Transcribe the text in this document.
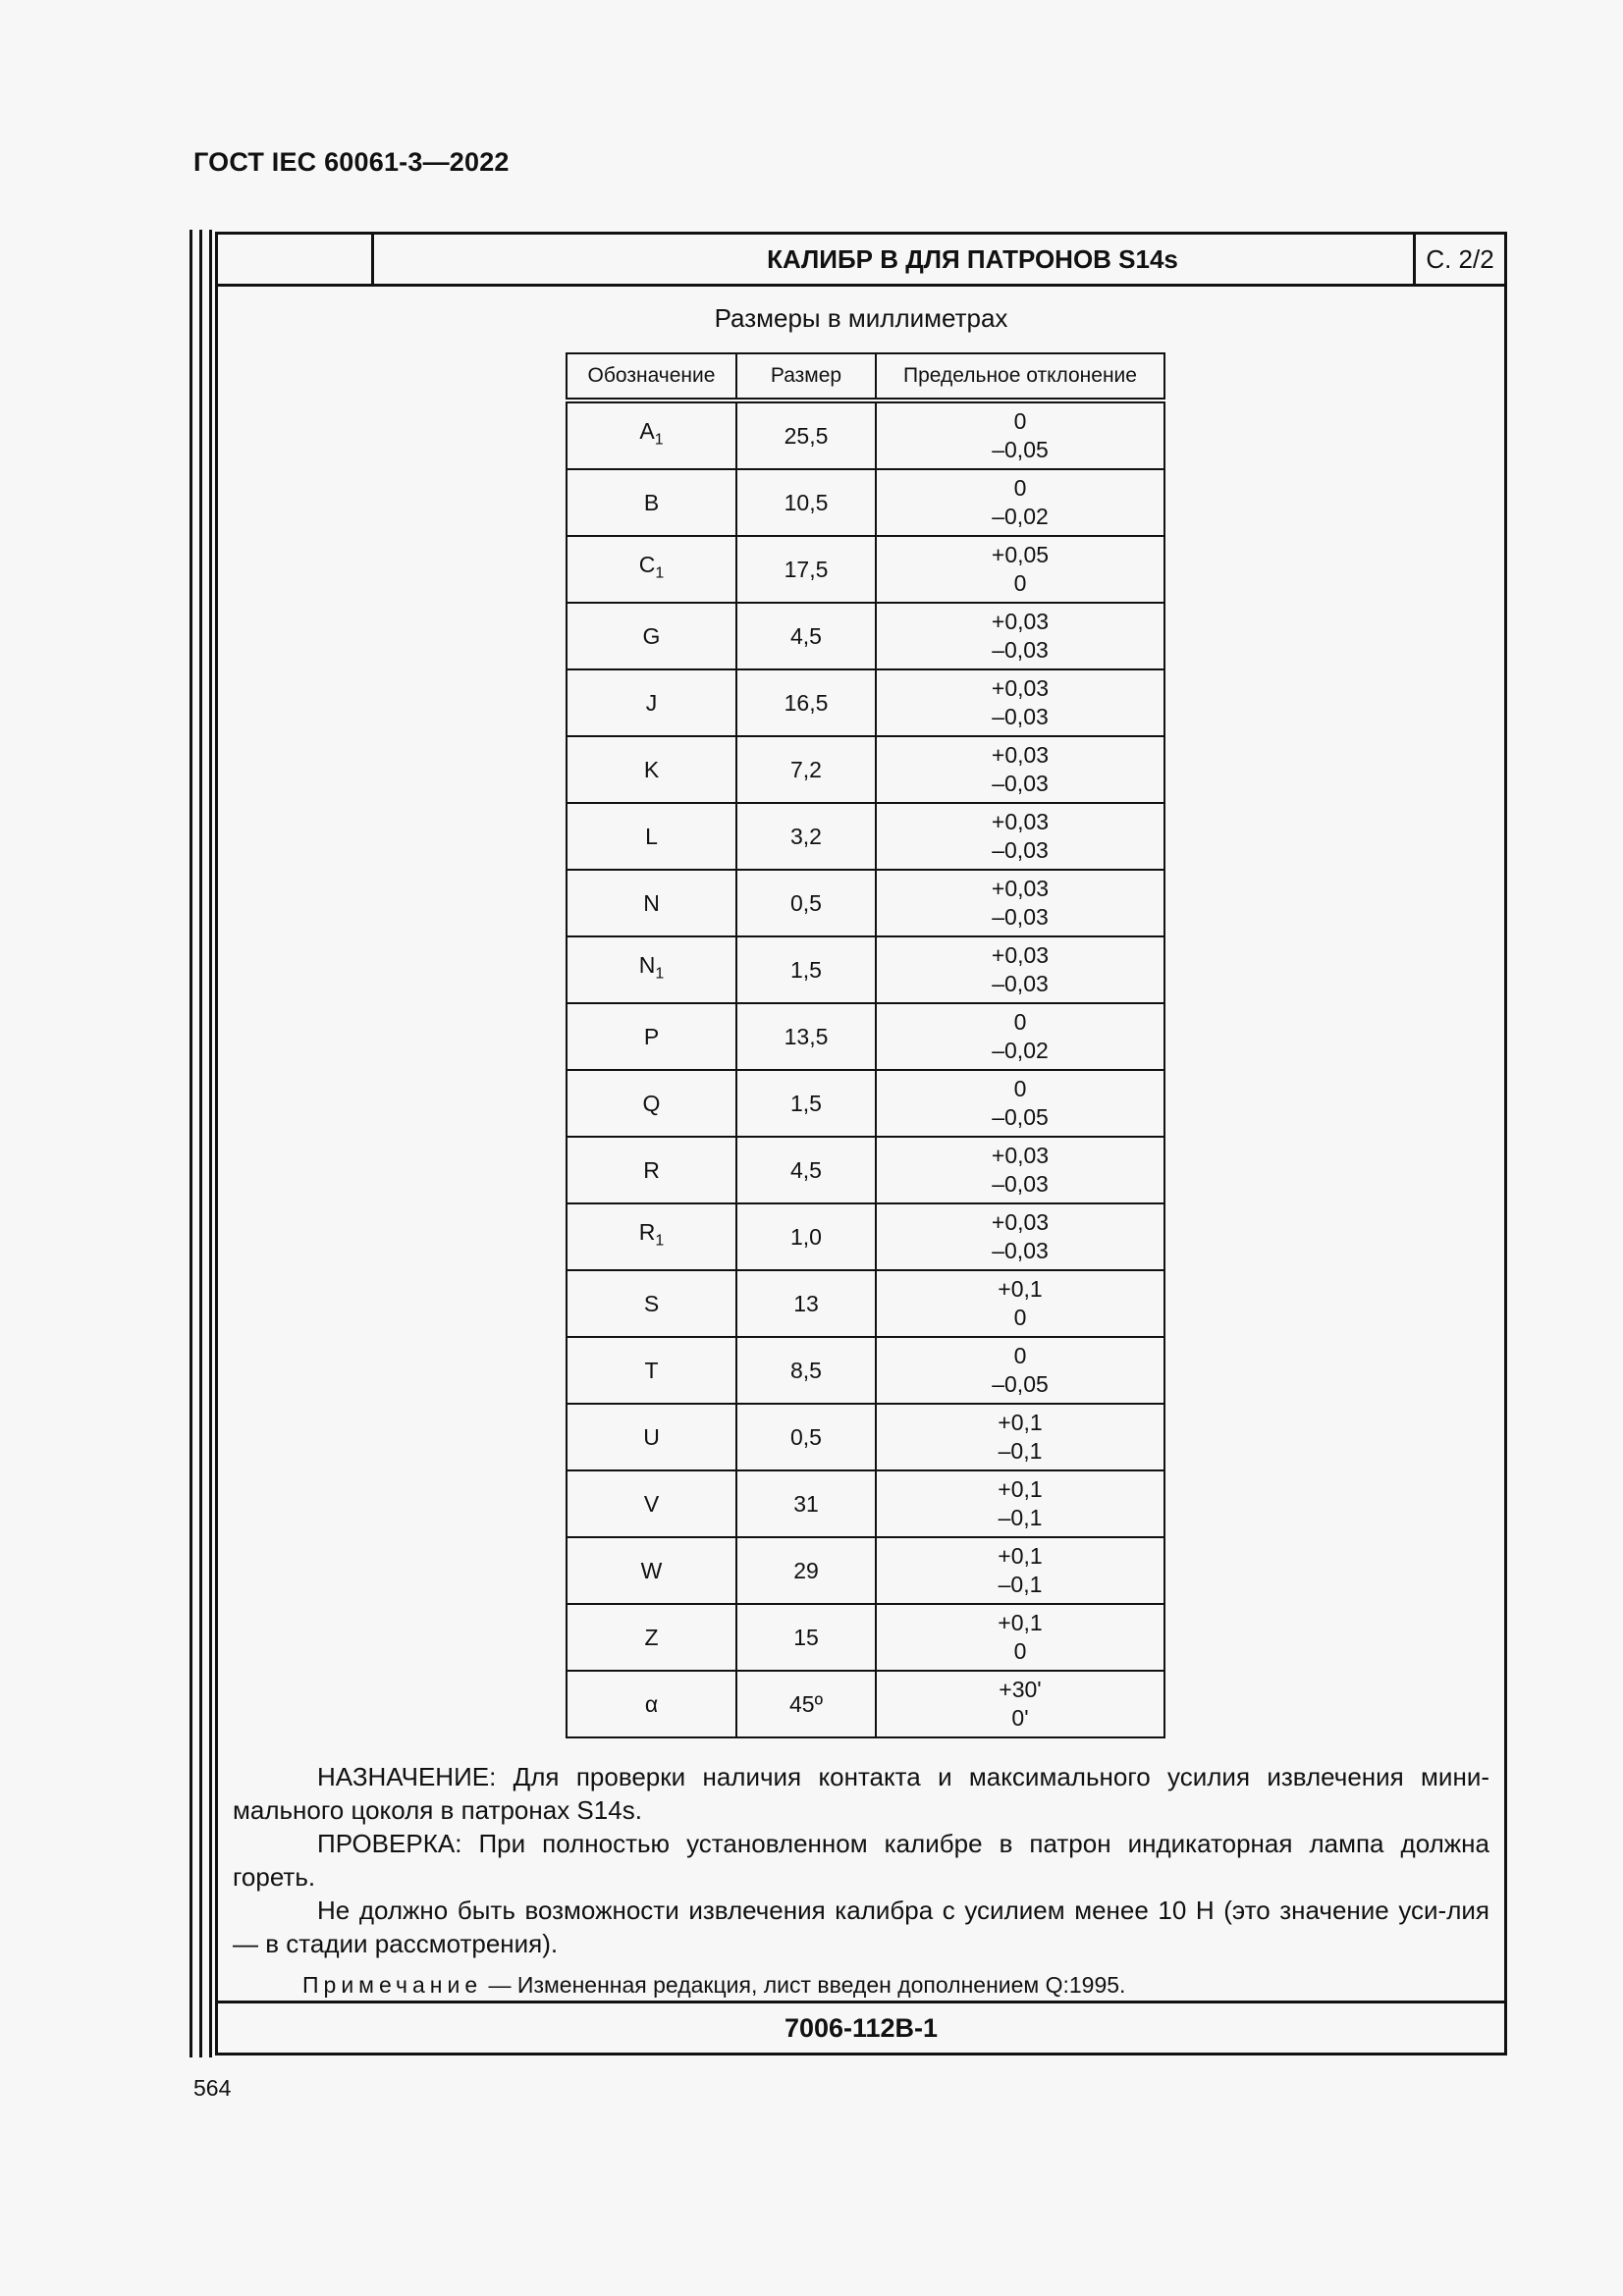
ГОСТ IEC 60061-3—2022
КАЛИБР В ДЛЯ ПАТРОНОВ S14s	С. 2/2
Размеры в миллиметрах
Обозначение	Размер	Предельное отклонение
$A_1$	25,5	0
–0,05

B	10,5	0
–0,02

$C_1$	17,5	+0,05
0

G	4,5	+0,03
–0,03

J	16,5	+0,03
–0,03

K	7,2	+0,03
–0,03

L	3,2	+0,03
–0,03

N	0,5	+0,03
–0,03

$N_1$	1,5	+0,03
–0,03

P	13,5	0
–0,02

Q	1,5	0
–0,05

R	4,5	+0,03
–0,03

$R_1$	1,0	+0,03
–0,03

S	13	+0,1
0

T	8,5	0
–0,05

U	0,5	+0,1
–0,1

V	31	+0,1
–0,1

W	29	+0,1
–0,1

Z	15	+0,1
0

α	45º	+30'
0'

НАЗНАЧЕНИЕ: Для проверки наличия контакта и максимального усилия извлечения мини-мального цоколя в патронах S14s.

ПРОВЕРКА: При полностью установленном калибре в патрон индикаторная лампа должна гореть.

Не должно быть возможности извлечения калибра с усилием менее 10 Н (это значение уси-лия — в стадии рассмотрения).

Примечание — Измененная редакция, лист введен дополнением Q:1995.
7006-112B-1
564
